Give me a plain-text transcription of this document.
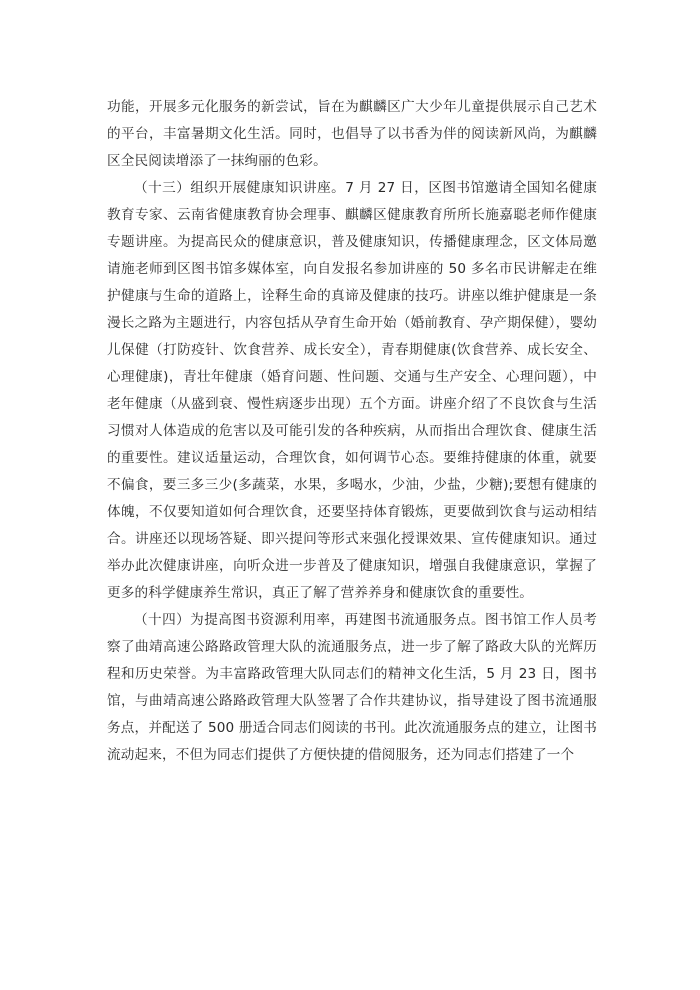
功能，开展多元化服务的新尝试，旨在为麒麟区广大少年儿童提供展示自己艺术的平台，丰富暑期文化生活。同时，也倡导了以书香为伴的阅读新风尚，为麒麟区全民阅读增添了一抹绚丽的色彩。

（十三）组织开展健康知识讲座。7 月 27 日，区图书馆邀请全国知名健康教育专家、云南省健康教育协会理事、麒麟区健康教育所所长施嘉聪老师作健康专题讲座。为提高民众的健康意识，普及健康知识，传播健康理念，区文体局邀请施老师到区图书馆多媒体室，向自发报名参加讲座的 50 多名市民讲解走在维护健康与生命的道路上，诠释生命的真谛及健康的技巧。讲座以维护健康是一条漫长之路为主题进行，内容包括从孕育生命开始（婚前教育、孕产期保健），婴幼儿保健（打防疫针、饮食营养、成长安全），青春期健康(饮食营养、成长安全、心理健康)，青壮年健康（婚育问题、性问题、交通与生产安全、心理问题），中老年健康（从盛到衰、慢性病逐步出现）五个方面。讲座介绍了不良饮食与生活习惯对人体造成的危害以及可能引发的各种疾病，从而指出合理饮食、健康生活的重要性。建议适量运动，合理饮食，如何调节心态。要维持健康的体重，就要不偏食，要三多三少(多蔬菜，水果，多喝水，少油，少盐，少糖);要想有健康的体魄，不仅要知道如何合理饮食，还要坚持体育锻炼，更要做到饮食与运动相结合。讲座还以现场答疑、即兴提问等形式来强化授课效果、宣传健康知识。通过举办此次健康讲座，向听众进一步普及了健康知识，增强自我健康意识，掌握了更多的科学健康养生常识，真正了解了营养养身和健康饮食的重要性。

（十四）为提高图书资源利用率，再建图书流通服务点。图书馆工作人员考察了曲靖高速公路路政管理大队的流通服务点，进一步了解了路政大队的光辉历程和历史荣誉。为丰富路政管理大队同志们的精神文化生活，5 月 23 日，图书馆，与曲靖高速公路路政管理大队签署了合作共建协议，指导建设了图书流通服务点，并配送了 500 册适合同志们阅读的书刊。此次流通服务点的建立，让图书流动起来，不但为同志们提供了方便快捷的借阅服务，还为同志们搭建了一个
